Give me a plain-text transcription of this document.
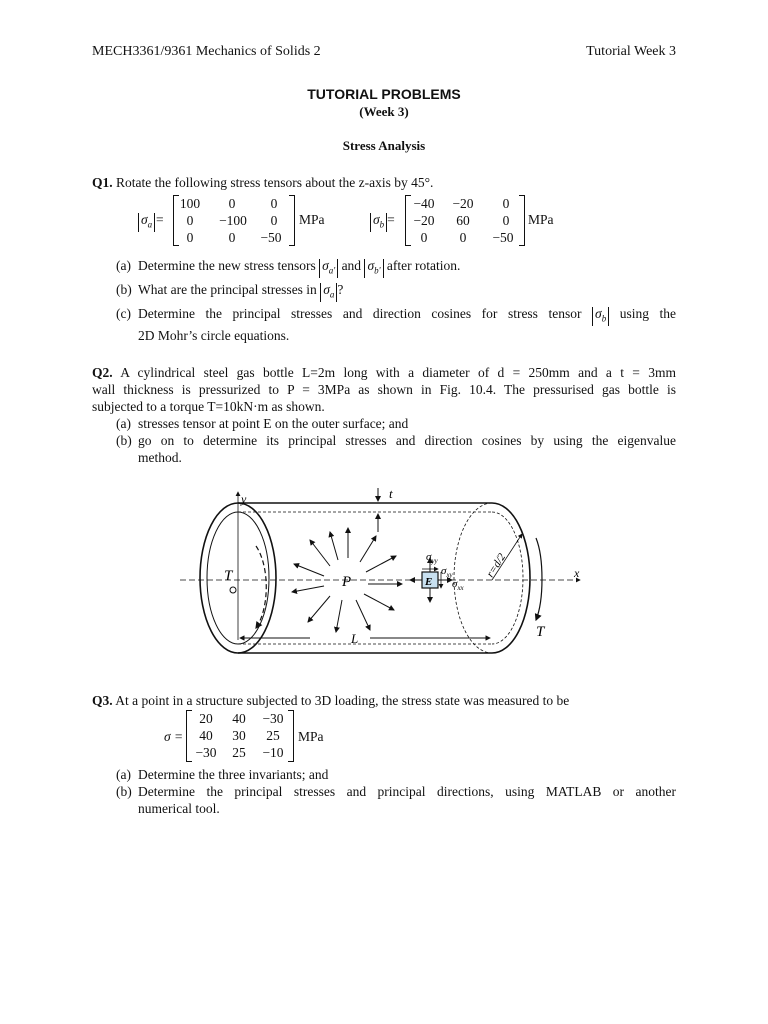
MECH3361/9361 Mechanics of Solids 2	Tutorial Week 3
TUTORIAL PROBLEMS
(Week 3)
Stress Analysis
Q1. Rotate the following stress tensors about the z-axis by 45°.
$\sigma_a$ =
100	0	0
0	−100	0
0	0	−50
MPa	$\sigma_b$ =
−40	−20	0
−20	60	0
0	0	−50
MPa
(a) Determine the new stress tensors $\sigma_{a'}$ and $\sigma_{b'}$ after rotation.
(b) What are the principal stresses in $\sigma_a$ ?
(c) Determine the principal stresses and direction cosines for stress tensor $\sigma_b$ using the
2D Mohr’s circle equations.
Q2. A cylindrical steel gas bottle L=2m long with a diameter of d = 250mm and a t = 3mm
wall thickness is pressurized to P = 3MPa as shown in Fig. 10.4. The pressurised gas bottle is
subjected to a torque T=10kN·m as shown.
(a) stresses tensor at point E on the outer surface; and
(b) go on to determine its principal stresses and direction cosines by using the eigenvalue
method.
y	t
x
T
T
P
L
E
$\sigma_{yy}$
$\sigma_{xy}$
$\sigma_{xx}$
r=d/2
Q3. At a point in a structure subjected to 3D loading, the stress state was measured to be
σ =
20	40	−30
40	30	25
−30	25	−10
MPa
(a) Determine the three invariants; and
(b) Determine the principal stresses and principal directions, using MATLAB or another
numerical tool.
